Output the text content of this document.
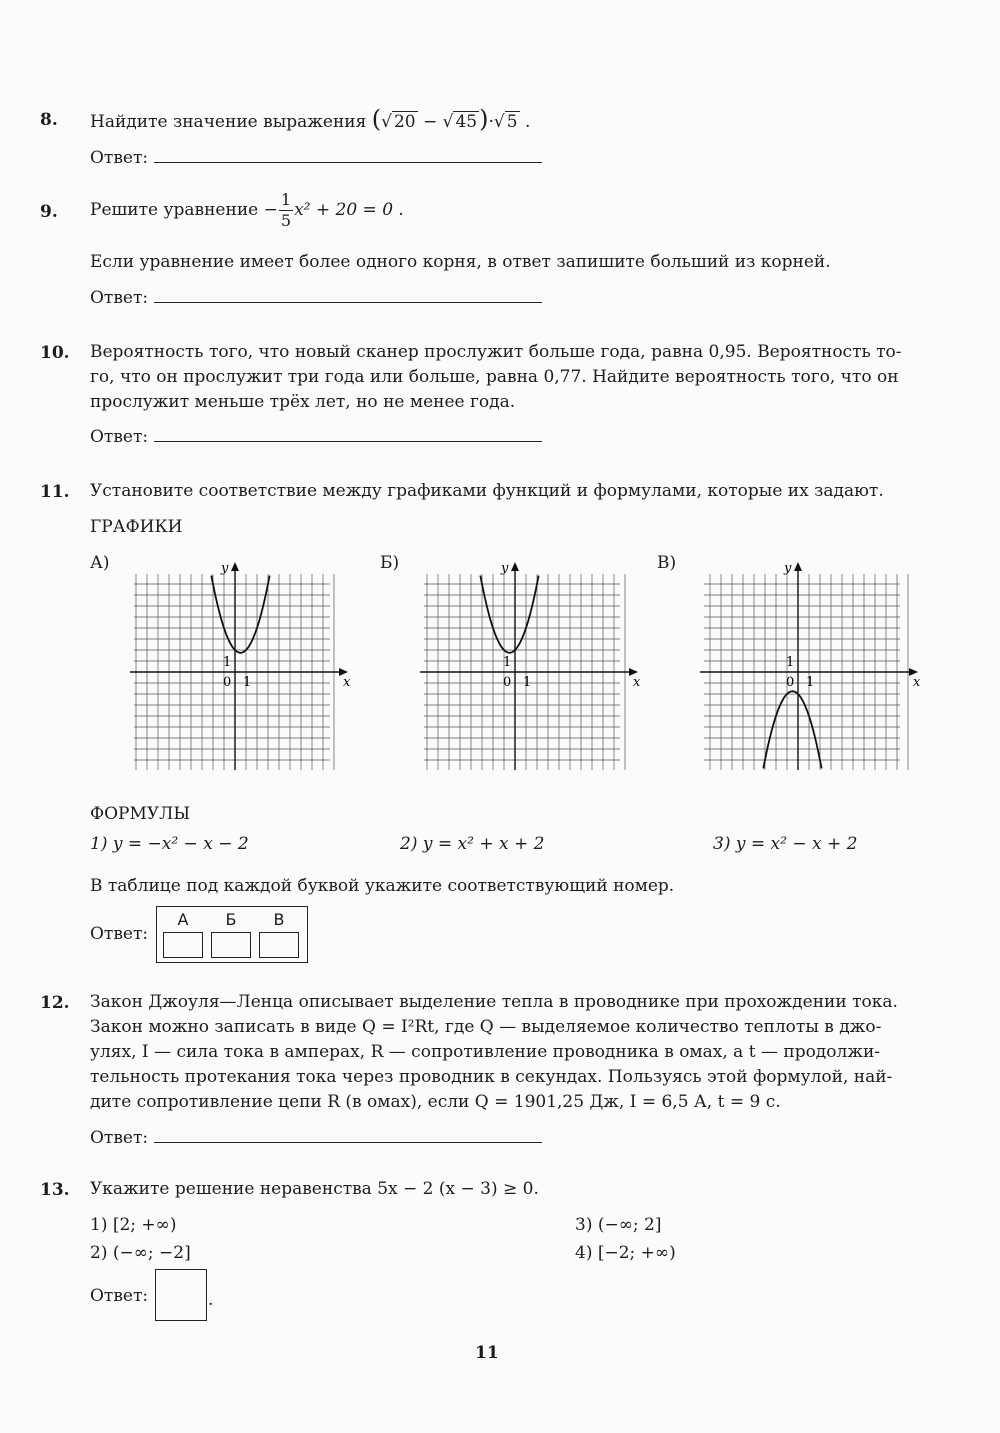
8. Найдите значение выражения (√ 20 − √ 45)·√ 5 .
Ответ:
9. Решите уравнение − $\frac{1}{5} x^2 + 20 = 0$ .
Если уравнение имеет более одного корня, в ответ запишите больший из корней.
Ответ:
10. Вероятность того, что новый сканер прослужит больше года, равна 0,95. Вероятность то-
го, что он прослужит три года или больше, равна 0,77. Найдите вероятность того, что он
прослужит меньше трёх лет, но не менее года.
Ответ:
11. Установите соответствие между графиками функций и формулами, которые их задают.
ГРАФИКИ
А)	Б)	В)
y
x
0 1
1
y
x
0 1
1
y
x
0 1
1
ФОРМУЛЫ
1) y = −x² − x − 2	2) y = x² + x + 2	3) y = x² − x + 2
В таблице под каждой буквой укажите соответствующий номер.
Ответ:
А	Б	В
12. Закон Джоуля—Ленца описывает выделение тепла в проводнике при прохождении тока.
Закон можно записать в виде Q = I²Rt, где Q — выделяемое количество теплоты в джо-
улях, I — сила тока в амперах, R — сопротивление проводника в омах, а t — продолжи-
тельность протекания тока через проводник в секундах. Пользуясь этой формулой, най-
дите сопротивление цепи R (в омах), если Q = 1901,25 Дж, I = 6,5 А, t = 9 с.
Ответ:
13. Укажите решение неравенства 5x − 2 (x − 3) ≥ 0.
1) [2; +∞)	3) (−∞; 2]
2) (−∞; −2]	4) [−2; +∞)
Ответ:	.
11
